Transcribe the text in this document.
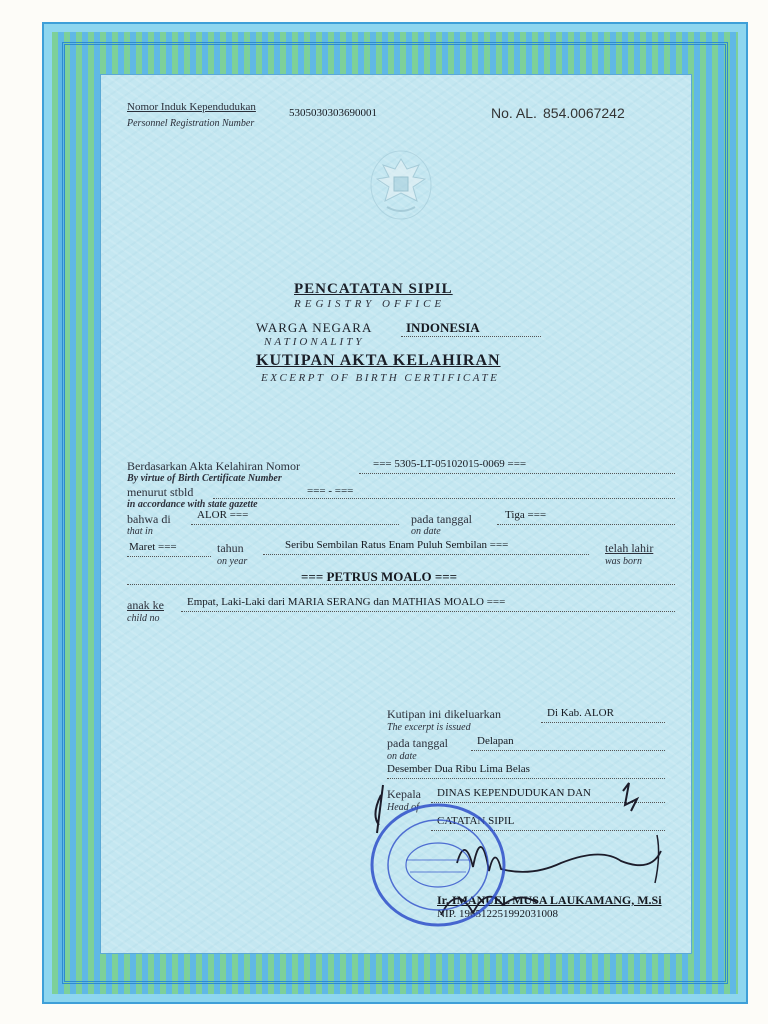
Nomor Induk Kependudukan
Personnel Registration Number
5305030303690001	No. AL. 854.0067242
PENCATATAN SIPIL
REGISTRY OFFICE
WARGA NEGARA	INDONESIA
NATIONALITY
KUTIPAN AKTA KELAHIRAN
EXCERPT OF BIRTH CERTIFICATE
Berdasarkan Akta Kelahiran Nomor	=== 5305-LT-05102015-0069 ===
By virtue of Birth Certificate Number
menurut stbld	=== - ===
in accordance with state gazette
bahwa di ALOR ===
that in
pada tanggal
on date
Tiga ===
Maret ===	tahun
on year
Seribu Sembilan Ratus Enam Puluh Sembilan ===	telah lahir
was born
=== PETRUS MOALO ===
anak ke
child no
Empat, Laki-Laki dari MARIA SERANG dan MATHIAS MOALO ===
Kutipan ini dikeluarkan	Di Kab. ALOR
The excerpt is issued
pada tanggal	Delapan
on date
Desember Dua Ribu Lima Belas
Kepala
Head of
DINAS KEPENDUDUKAN DAN
CATATAN SIPIL
Ir. IMANUEL MUSA LAUKAMANG, M.Si
NIP. 196512251992031008
